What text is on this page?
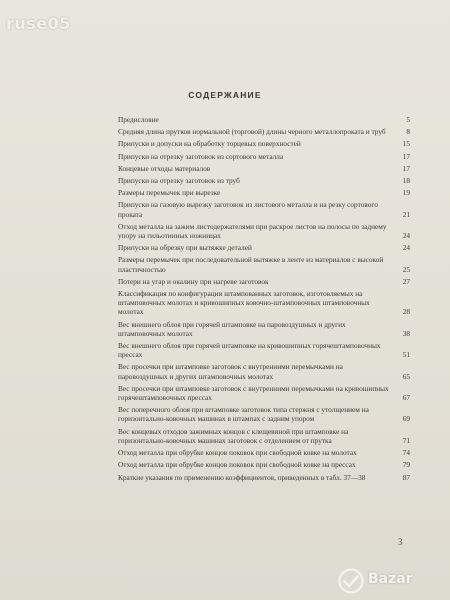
ruse05
СОДЕРЖАНИЕ
Предисловие	5
Средняя длина прутков нормальной (торговой) длины черного металлопроката и труб	8
Припуски и допуски на обработку торцевых поверхностей	15
Припуски на отрезку заготовок из сортового металла	17
Концевые отходы материалов	17
Припуски на отрезку заготовок из труб	18
Размеры перемычек при вырезке	19
Припуски на газовую вырезку заготовок из листового металла и на резку сортового проката	21
Отход металла на зажим листодержателями при раскрое листов на полосы по заднему упору на гильотинных ножницах	24
Припуски на обрезку при вытяжке деталей	24
Размеры перемычек при последовательной вытяжке в ленте из материалов с высокой пластичностью	25
Потери на угар и окалину при нагреве заготовок	27
Классификация по конфигурации штампованных заготовок, изготовляемых на штамповочных молотах и кривошипных ковочно-штамповочных штамповочных молотах	28
Вес внешнего облоя при горячей штамповке на паровоздушных и других штамповочных молотах	38
Вес внешнего облоя при горячей штамповке на кривошипных горячештамповочных прессах	51
Вес просечки при штамповке заготовок с внутренними перемычками на паровоздушных и других штамповочных молотах	65
Вес просечки при штамповке заготовок с внутренними перемычками на кривошипных горячештамповочных прессах	67
Вес поперечного облоя при штамповке заготовок типа стержня с утолщением на горизонтально-ковочных машинах в штампах с задним упором	69
Вес концевых отходов зажимных концов с клещевиной при штамповке на горизонтально-ковочных машинах заготовок с отделением от прутка	71
Отход металла при обрубке концов поковок при свободной ковке на молотах	74
Отход металла при обрубке концов поковок при свободной ковке на прессах	79
Краткие указания по применению коэффициентов, приведенных в табл. 37—38	87
3
Bazar
